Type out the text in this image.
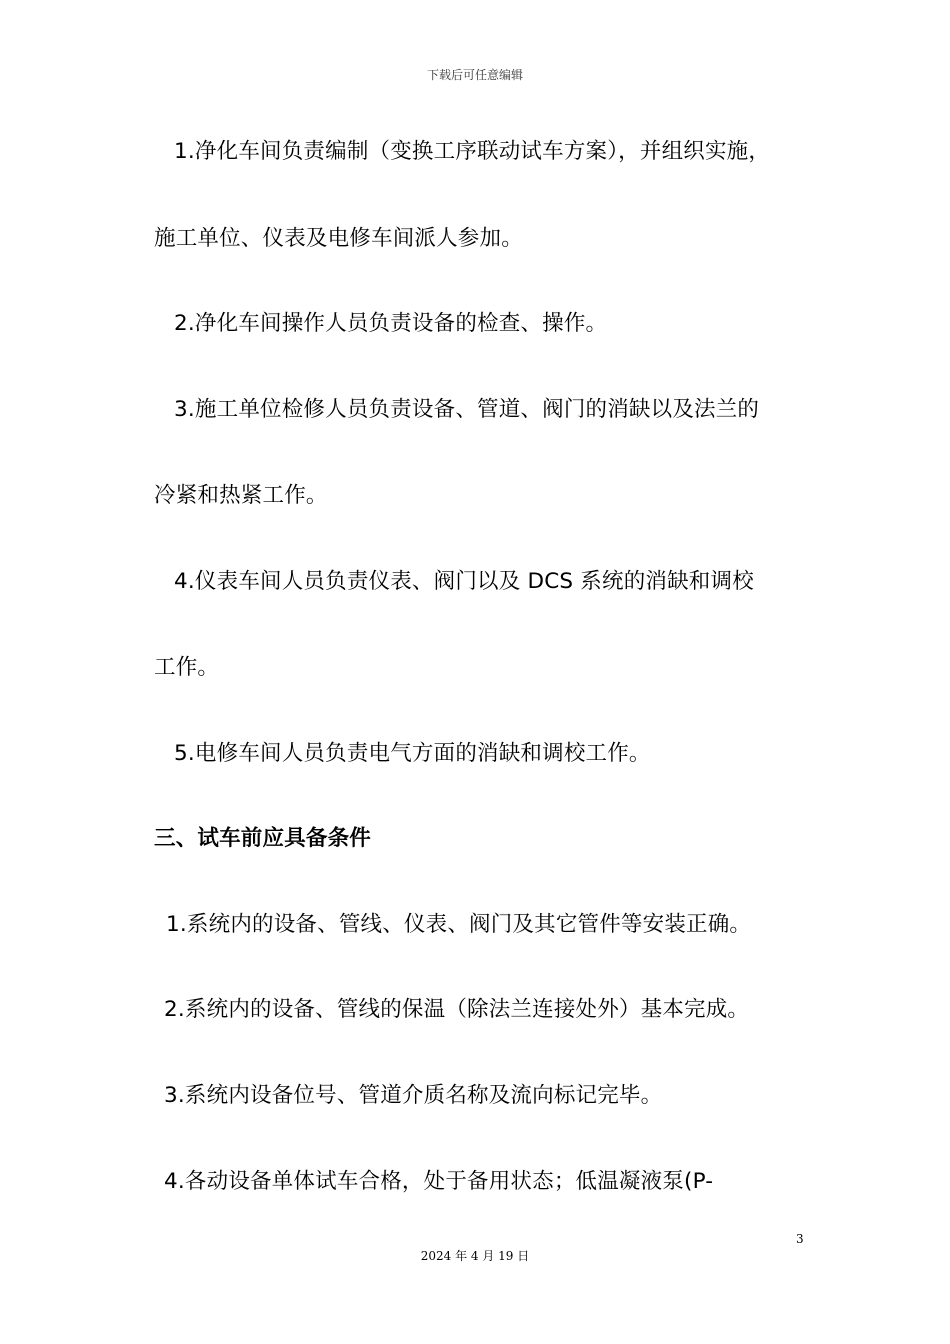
下载后可任意编辑
1.净化车间负责编制（变换工序联动试车方案），并组织实施，
施工单位、仪表及电修车间派人参加。
2.净化车间操作人员负责设备的检查、操作。
3.施工单位检修人员负责设备、管道、阀门的消缺以及法兰的
冷紧和热紧工作。
4.仪表车间人员负责仪表、阀门以及 DCS 系统的消缺和调校
工作。
5.电修车间人员负责电气方面的消缺和调校工作。
三、试车前应具备条件
1.系统内的设备、管线、仪表、阀门及其它管件等安装正确。
2.系统内的设备、管线的保温（除法兰连接处外）基本完成。
3.系统内设备位号、管道介质名称及流向标记完毕。
4.各动设备单体试车合格，处于备用状态；低温凝液泵(P-
3
2024 年 4 月 19 日
